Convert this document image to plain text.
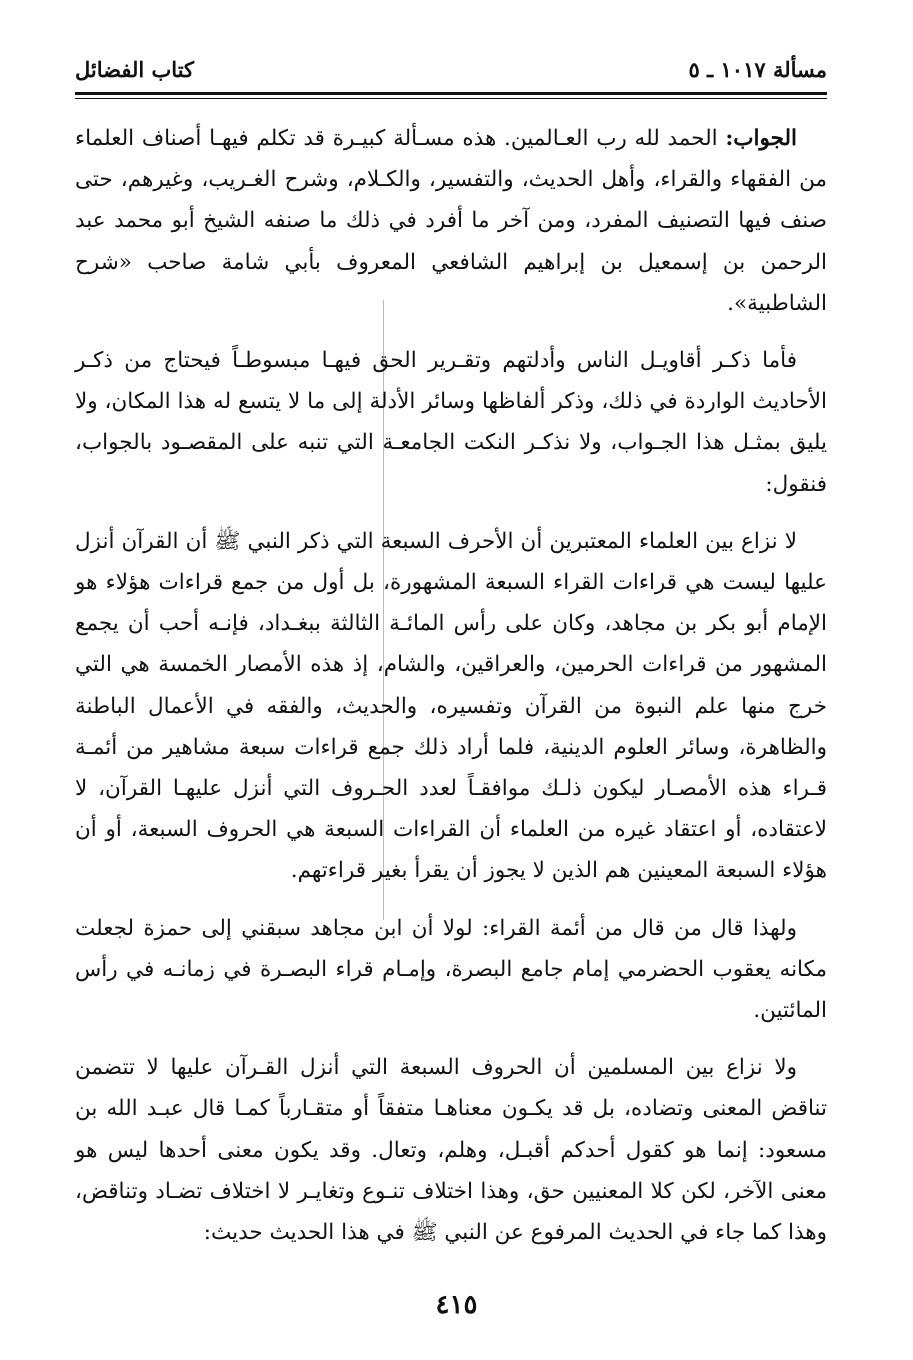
مسألة ١٠١٧ ـ ٥
كتاب الفضائل

الجواب: الحمد لله رب العـالمين. هذه مسـألة كبيـرة قد تكلم فيهـا أصناف العلماء من الفقهاء والقراء، وأهل الحديث، والتفسير، والكـلام، وشرح الغـريب، وغيرهم، حتى صنف فيها التصنيف المفرد، ومن آخر ما أفرد في ذلك ما صنفه الشيخ أبو محمد عبد الرحمن بن إسمعيل بن إبراهيم الشافعي المعروف بأبي شامة صاحب «شرح الشاطبية».

فأما ذكـر أقاويـل الناس وأدلتهم وتقـرير الحق فيهـا مبسوطـاً فيحتاج من ذكـر الأحاديث الواردة في ذلك، وذكر ألفاظها وسائر الأدلة إلى ما لا يتسع له هذا المكان، ولا يليق بمثـل هذا الجـواب، ولا نذكـر النكت الجامعـة التي تنبه على المقصـود بالجواب، فنقول:

لا نزاع بين العلماء المعتبرين أن الأحرف السبعة التي ذكر النبي ﷺ أن القرآن أنزل عليها ليست هي قراءات القراء السبعة المشهورة، بل أول من جمع قراءات هؤلاء هو الإمام أبو بكر بن مجاهد، وكان على رأس المائـة الثالثة ببغـداد، فإنـه أحب أن يجمع المشهور من قراءات الحرمين، والعراقين، والشام، إذ هذه الأمصار الخمسة هي التي خرج منها علم النبوة من القرآن وتفسيره، والحديث، والفقه في الأعمال الباطنة والظاهرة، وسائر العلوم الدينية، فلما أراد ذلك جمع قراءات سبعة مشاهير من أئمـة قـراء هذه الأمصـار ليكون ذلـك موافقـاً لعدد الحـروف التي أنزل عليهـا القرآن، لا لاعتقاده، أو اعتقاد غيره من العلماء أن القراءات السبعة هي الحروف السبعة، أو أن هؤلاء السبعة المعينين هم الذين لا يجوز أن يقرأ بغير قراءتهم.

ولهذا قال من قال من أئمة القراء: لولا أن ابن مجاهد سبقني إلى حمزة لجعلت مكانه يعقوب الحضرمي إمام جامع البصرة، وإمـام قراء البصـرة في زمانـه في رأس المائتين.

ولا نزاع بين المسلمين أن الحروف السبعة التي أنزل القـرآن عليها لا تتضمن تناقض المعنى وتضاده، بل قد يكـون معناهـا متفقاً أو متقـارباً كمـا قال عبـد الله بن مسعود: إنما هو كقول أحدكم أقبـل، وهلم، وتعال. وقد يكون معنى أحدها ليس هو معنى الآخر، لكن كلا المعنيين حق، وهذا اختلاف تنـوع وتغايـر لا اختلاف تضـاد وتناقض، وهذا كما جاء في الحديث المرفوع عن النبي ﷺ في هذا الحديث حديث:

٤١٥
